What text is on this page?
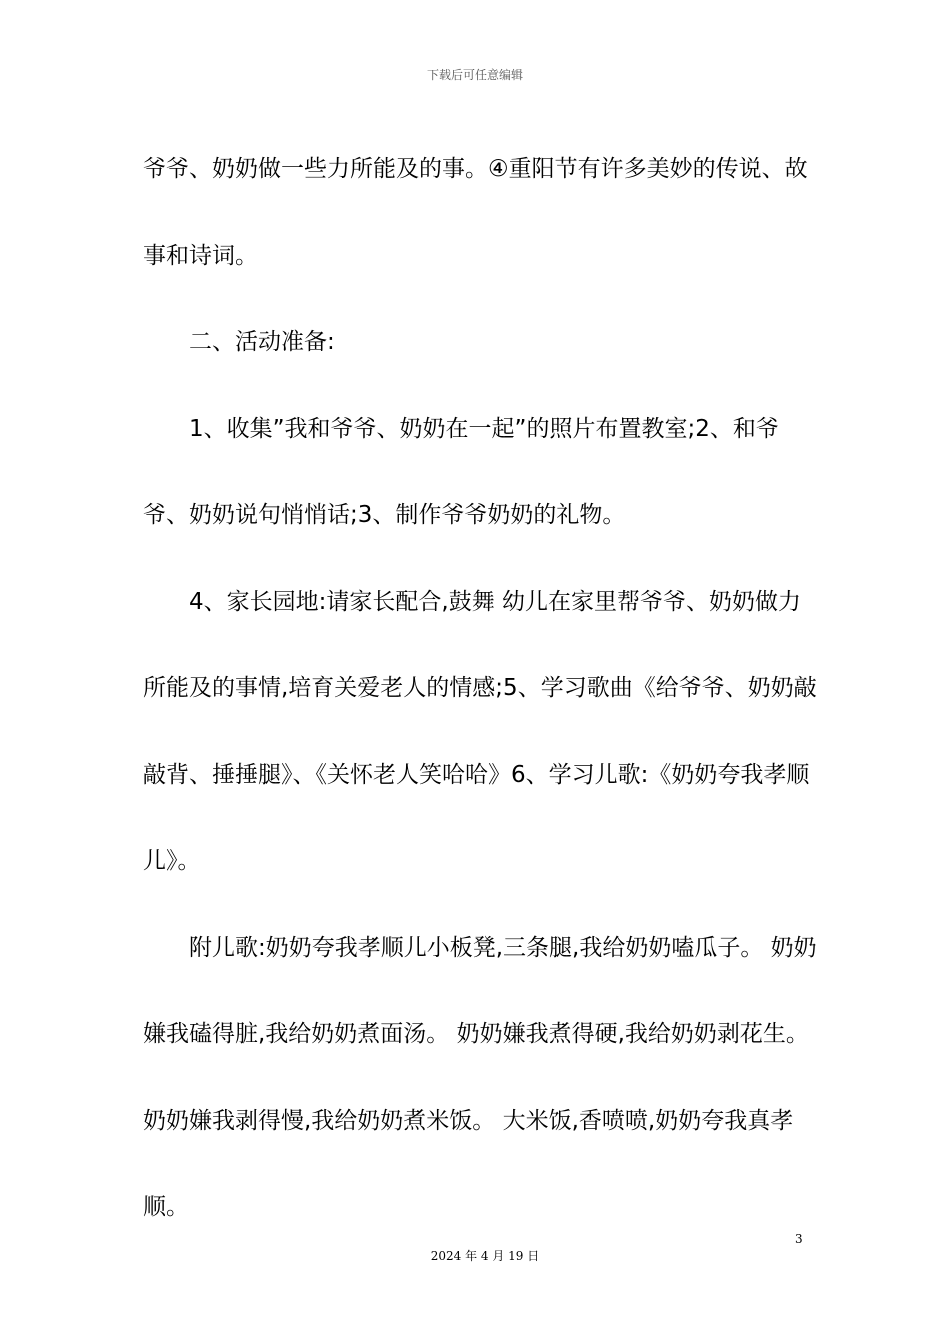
下载后可任意编辑

爷爷、奶奶做一些力所能及的事。④重阳节有许多美妙的传说、故事和诗词。

二、活动准备:

1、收集”我和爷爷、奶奶在一起”的照片布置教室;2、和爷爷、奶奶说句悄悄话;3、制作爷爷奶奶的礼物。

4、家长园地:请家长配合,鼓舞 幼儿在家里帮爷爷、奶奶做力所能及的事情,培育关爱老人的情感;5、学习歌曲《给爷爷、奶奶敲敲背、捶捶腿》、《关怀老人笑哈哈》6、学习儿歌:《奶奶夸我孝顺儿》。

附儿歌:奶奶夸我孝顺儿小板凳,三条腿,我给奶奶嗑瓜子。 奶奶嫌我磕得脏,我给奶奶煮面汤。 奶奶嫌我煮得硬,我给奶奶剥花生。 奶奶嫌我剥得慢,我给奶奶煮米饭。 大米饭,香喷喷,奶奶夸我真孝顺。

3
2024 年 4 月 19 日
